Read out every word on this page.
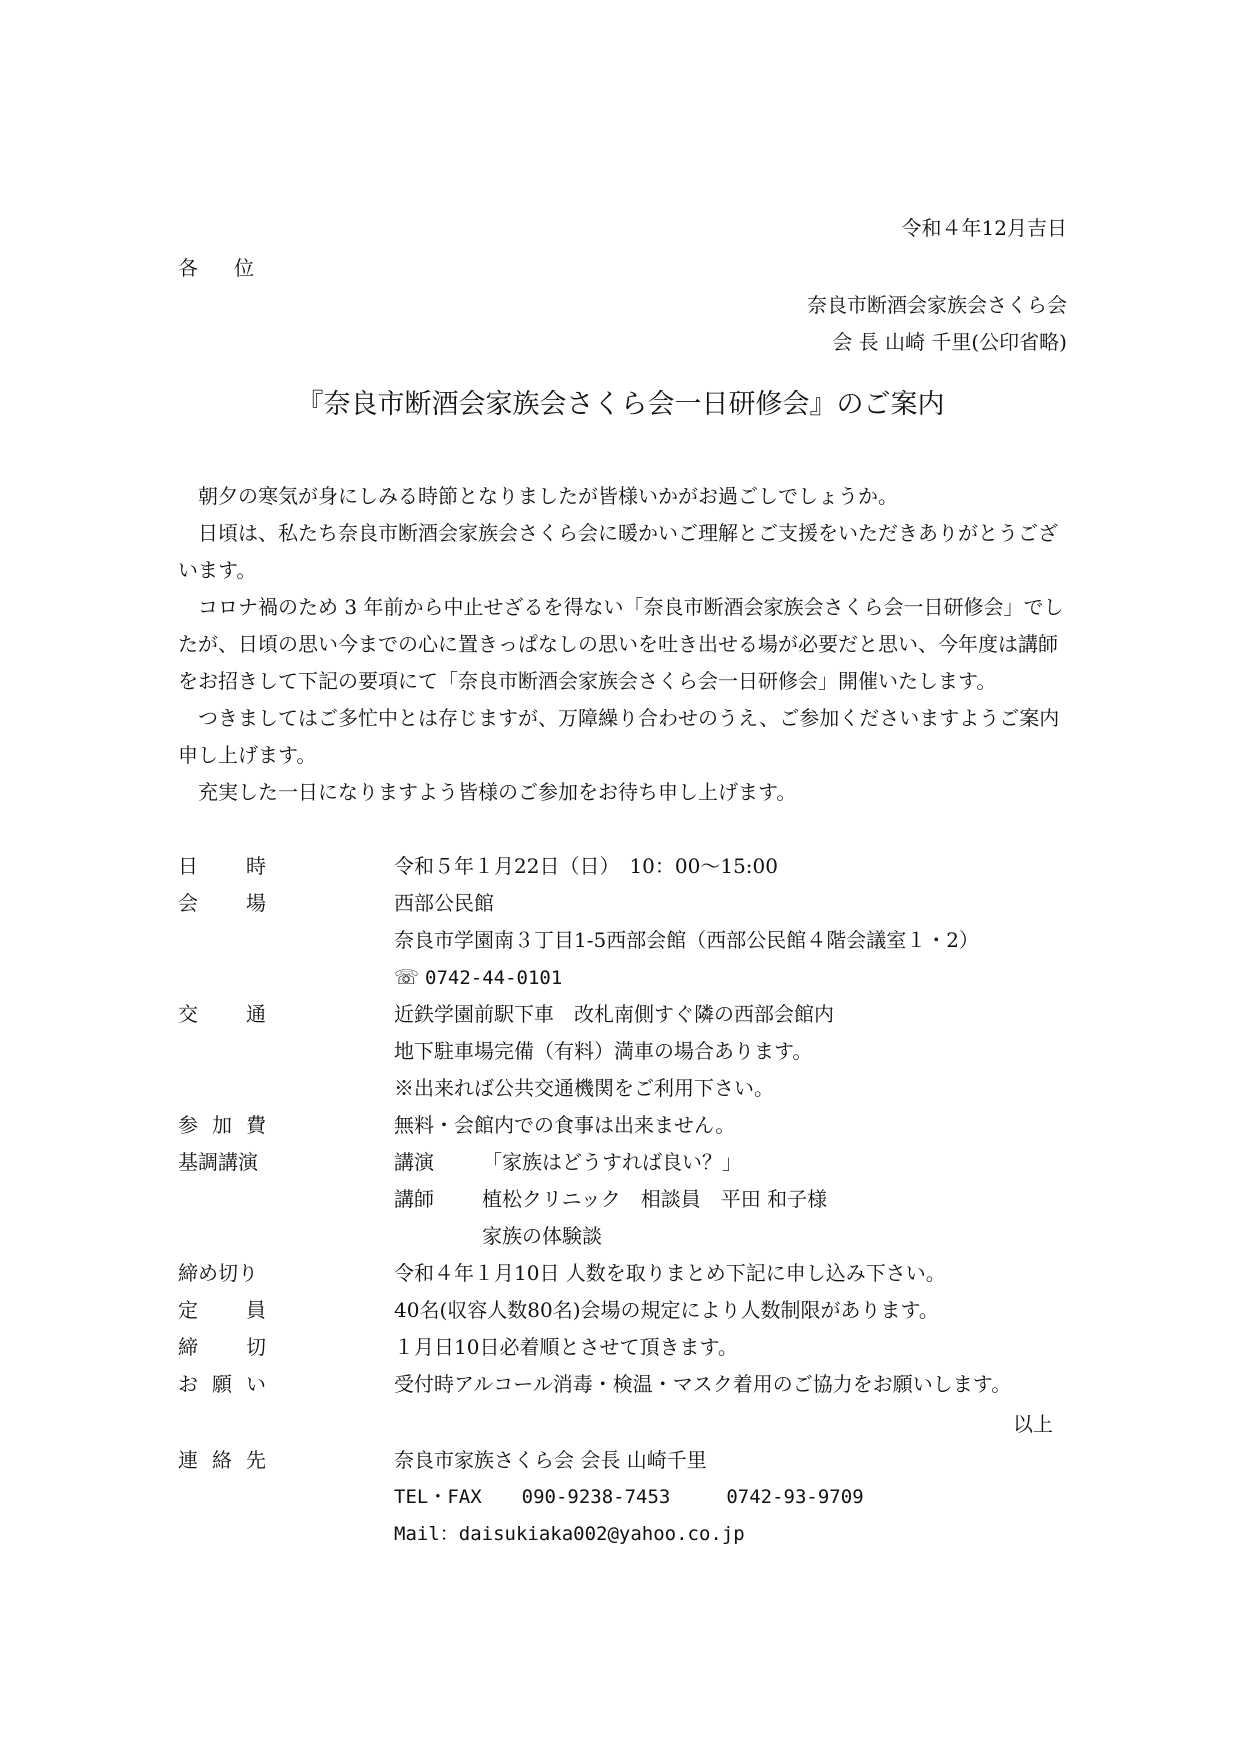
令和４年12月吉日
各位
奈良市断酒会家族会さくら会
会 長 山崎 千里(公印省略)
『奈良市断酒会家族会さくら会一日研修会』のご案内

朝夕の寒気が身にしみる時節となりましたが皆様いかがお過ごしでしょうか。

日頃は、私たち奈良市断酒会家族会さくら会に暖かいご理解とご支援をいただきありがとうございます。

コロナ禍のため 3 年前から中止せざるを得ない「奈良市断酒会家族会さくら会一日研修会」でしたが、日頃の思い今までの心に置きっぱなしの思いを吐き出せる場が必要だと思い、今年度は講師をお招きして下記の要項にて「奈良市断酒会家族会さくら会一日研修会」開催いたします。

つきましてはご多忙中とは存じますが、万障繰り合わせのうえ、ご参加くださいますようご案内申し上げます。

充実した一日になりますよう皆様のご参加をお待ち申し上げます。

日 時	令和５年１月22日（日）　10：00～15:00
会 場	西部公民館
奈良市学園南３丁目1-5西部会館（西部公民館４階会議室１・2）
☏ 0742-44-0101
交 通	近鉄学園前駅下車　改札南側すぐ隣の西部会館内
地下駐車場完備（有料）満車の場合あります。
※出来れば公共交通機関をご利用下さい。
参 加 費	無料・会館内での食事は出来ません。
基調講演	講演 「家族はどうすれば良い？」
講師 植松クリニック　相談員　平田 和子様
家族の体験談
締め切り	令和４年１月10日 人数を取りまとめ下記に申し込み下さい。
定 員	40名(収容人数80名)会場の規定により人数制限があります。
締 切	１月日10日必着順とさせて頂きます。
お 願 い	受付時アルコール消毒・検温・マスク着用のご協力をお願いします。
以上
連 絡 先	奈良市家族さくら会 会長 山崎千里
TEL・FAX 090-9238-7453	0742-93-9709
Mail：daisukiaka002@yahoo.co.jp
